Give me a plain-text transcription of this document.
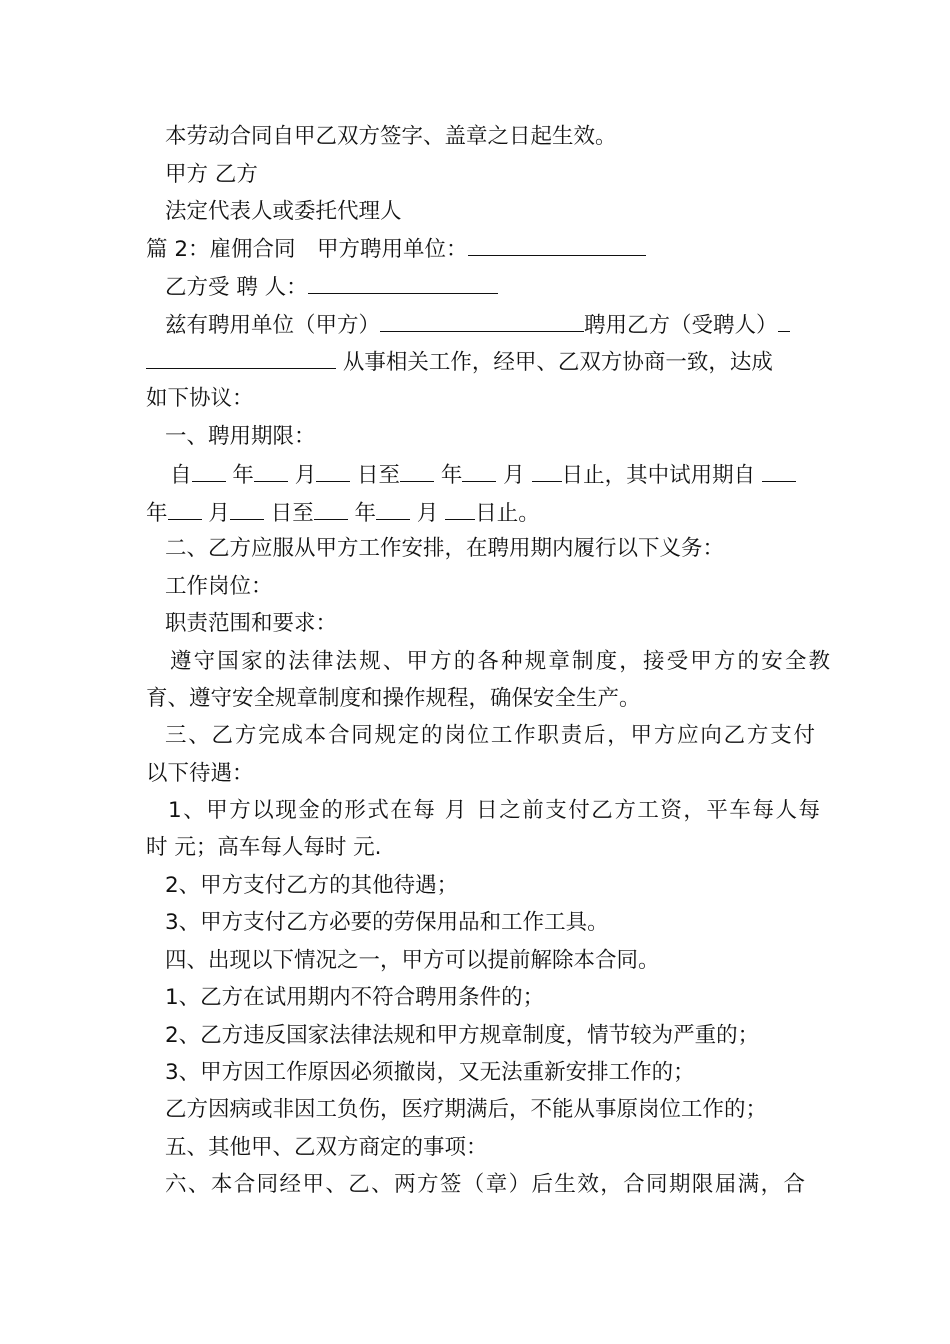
本劳动合同自甲乙双方签字、盖章之日起生效。
甲方 乙方
法定代表人或委托代理人
篇 2：雇佣合同　甲方聘用单位：
乙方受 聘 人：
兹有聘用单位（甲方）	聘用乙方（受聘人）
从事相关工作，经甲、乙双方协商一致，达成
如下协议：
一、聘用期限：
自 年 月 日至 年 月 日止，其中试用期自
年 月 日至 年 月 日止。
二、乙方应服从甲方工作安排，在聘用期内履行以下义务：
工作岗位：
职责范围和要求：
遵守国家的法律法规、甲方的各种规章制度，接受甲方的安全教
育、遵守安全规章制度和操作规程，确保安全生产。
三、乙方完成本合同规定的岗位工作职责后，甲方应向乙方支付
以下待遇：
1、甲方以现金的形式在每 月 日之前支付乙方工资，平车每人每
时 元；高车每人每时 元.
2、甲方支付乙方的其他待遇；
3、甲方支付乙方必要的劳保用品和工作工具。
四、出现以下情况之一，甲方可以提前解除本合同。
1、乙方在试用期内不符合聘用条件的；
2、乙方违反国家法律法规和甲方规章制度，情节较为严重的；
3、甲方因工作原因必须撤岗，又无法重新安排工作的；
乙方因病或非因工负伤，医疗期满后，不能从事原岗位工作的；
五、其他甲、乙双方商定的事项：
六、本合同经甲、乙、两方签（章）后生效，合同期限届满，合
